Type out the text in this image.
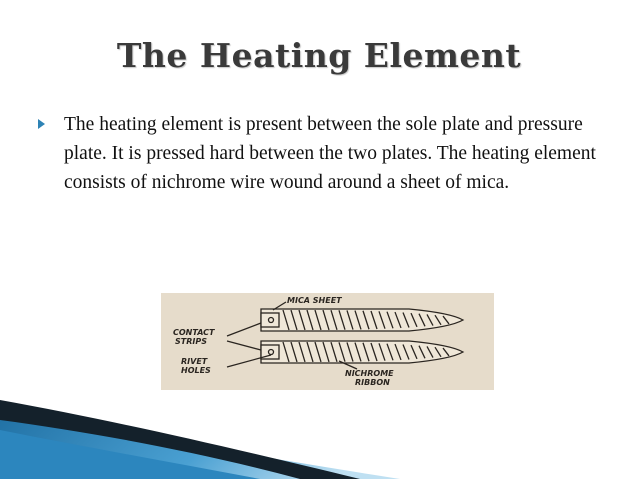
The Heating Element
The heating element is present between the sole plate and pressure plate. It is pressed hard between the two plates. The heating element consists of nichrome wire wound around a sheet of mica.
MICA SHEET
CONTACT
STRIPS
RIVET
HOLES	NICHROME
RIBBON
